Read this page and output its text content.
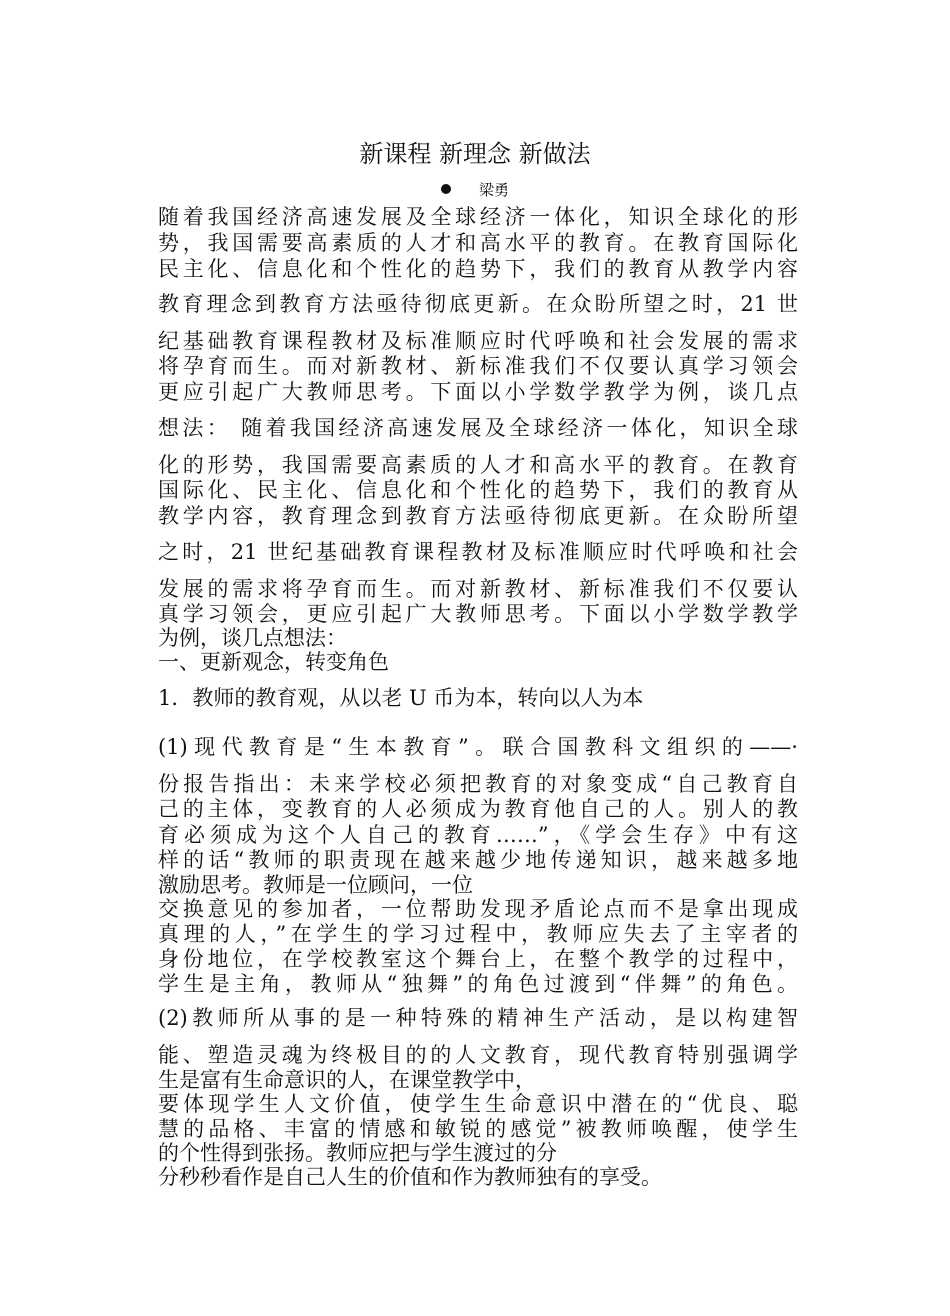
新课程 新理念 新做法
梁勇
随着我国经济高速发展及全球经济一体化，知识全球化的形
势，我国需要高素质的人才和高水平的教育。在教育国际化
民主化、信息化和个性化的趋势下，我们的教育从教学内容
教育理念到教育方法亟待彻底更新。在众盼所望之时，21 世
纪基础教育课程教材及标准顺应时代呼唤和社会发展的需求
将孕育而生。而对新教材、新标准我们不仅要认真学习领会
更应引起广大教师思考。下面以小学数学教学为例，谈几点
想法： 随着我国经济高速发展及全球经济一体化，知识全球
化的形势，我国需要高素质的人才和高水平的教育。在教育
国际化、民主化、信息化和个性化的趋势下，我们的教育从
教学内容，教育理念到教育方法亟待彻底更新。在众盼所望
之时，21 世纪基础教育课程教材及标准顺应时代呼唤和社会
发展的需求将孕育而生。而对新教材、新标准我们不仅要认
真学习领会，更应引起广大教师思考。下面以小学数学教学
为例，谈几点想法：
一、更新观念，转变角色
1．教师的教育观，从以老 U 币为本，转向以人为本
(1)现代教育是“生本教育”。联合国教科文组织的——·
份报告指出：未来学校必须把教育的对象变成“自己教育自
己的主体，变教育的人必须成为教育他自己的人。别人的教
育必须成为这个人自己的教育……”，《学会生存》中有这
样的话“教师的职责现在越来越少地传递知识，越来越多地
激励思考。教师是一位顾问，一位
交换意见的参加者，一位帮助发现矛盾论点而不是拿出现成
真理的人，”在学生的学习过程中，教师应失去了主宰者的
身份地位，在学校教室这个舞台上，在整个教学的过程中，
学生是主角，教师从“独舞”的角色过渡到“伴舞”的角色。
(2)教师所从事的是一种特殊的精神生产活动，是以构建智
能、塑造灵魂为终极目的的人文教育，现代教育特别强调学
生是富有生命意识的人，在课堂教学中，
要体现学生人文价值，使学生生命意识中潜在的“优良、聪
慧的品格、丰富的情感和敏锐的感觉”被教师唤醒，使学生
的个性得到张扬。教师应把与学生渡过的分
分秒秒看作是自己人生的价值和作为教师独有的享受。
